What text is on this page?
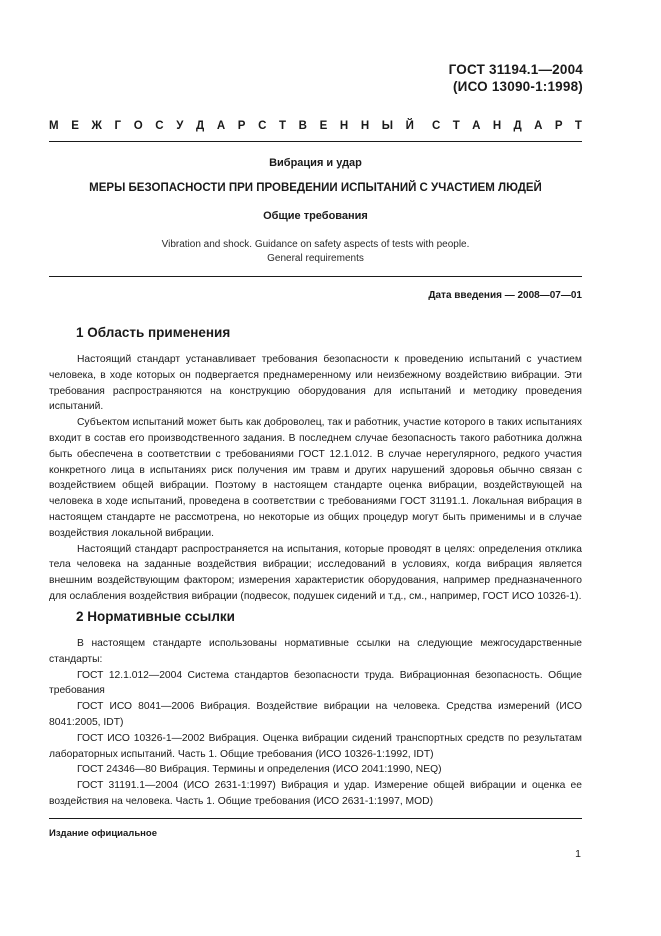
ГОСТ 31194.1—2004
(ИСО 13090-1:1998)
М Е Ж Г О С У Д А Р С Т В Е Н Н Ы Й С Т А Н Д А Р Т
Вибрация и удар
МЕРЫ БЕЗОПАСНОСТИ ПРИ ПРОВЕДЕНИИ ИСПЫТАНИЙ С УЧАСТИЕМ ЛЮДЕЙ
Общие требования
Vibration and shock. Guidance on safety aspects of tests with people.
General requirements
Дата введения — 2008—07—01
1 Область применения

Настоящий стандарт устанавливает требования безопасности к проведению испытаний с участием человека, в ходе которых он подвергается преднамеренному или неизбежному воздействию вибрации. Эти требования распространяются на конструкцию оборудования для испытаний и методику проведения испытаний.

Субъектом испытаний может быть как доброволец, так и работник, участие которого в таких испытаниях входит в состав его производственного задания. В последнем случае безопасность такого работника должна быть обеспечена в соответствии с требованиями ГОСТ 12.1.012. В случае нерегулярного, редкого участия конкретного лица в испытаниях риск получения им травм и других нарушений здоровья обычно связан с воздействием общей вибрации. Поэтому в настоящем стандарте оценка вибрации, воздействующей на человека в ходе испытаний, проведена в соответствии с требованиями ГОСТ 31191.1. Локальная вибрация в настоящем стандарте не рассмотрена, но некоторые из общих процедур могут быть применимы и в случае воздействия локальной вибрации.

Настоящий стандарт распространяется на испытания, которые проводят в целях: определения отклика тела человека на заданные воздействия вибрации; исследований в условиях, когда вибрация является внешним воздействующим фактором; измерения характеристик оборудования, например предназначенного для ослабления воздействия вибрации (подвесок, подушек сидений и т.д., см., например, ГОСТ ИСО 10326-1).

2 Нормативные ссылки

В настоящем стандарте использованы нормативные ссылки на следующие межгосударственные стандарты:

ГОСТ 12.1.012—2004 Система стандартов безопасности труда. Вибрационная безопасность. Общие требования

ГОСТ ИСО 8041—2006 Вибрация. Воздействие вибрации на человека. Средства измерений (ИСО 8041:2005, IDT)

ГОСТ ИСО 10326-1—2002 Вибрация. Оценка вибрации сидений транспортных средств по результатам лабораторных испытаний. Часть 1. Общие требования (ИСО 10326-1:1992, IDT)

ГОСТ 24346—80 Вибрация. Термины и определения (ИСО 2041:1990, NEQ)

ГОСТ 31191.1—2004 (ИСО 2631-1:1997) Вибрация и удар. Измерение общей вибрации и оценка ее воздействия на человека. Часть 1. Общие требования (ИСО 2631-1:1997, MOD)

Издание официальное
1
